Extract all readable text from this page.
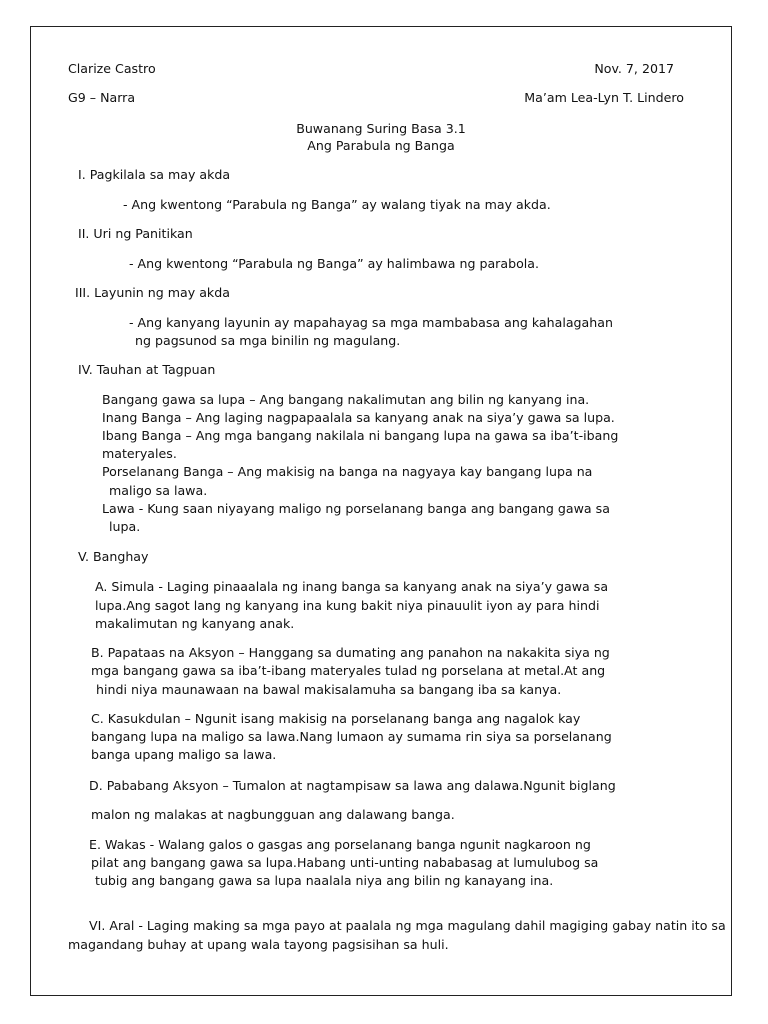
Clarize Castro	Nov. 7, 2017
G9 – Narra	Ma’am Lea-Lyn T. Lindero
Buwanang Suring Basa 3.1
Ang Parabula ng Banga
I. Pagkilala sa may akda
- Ang kwentong “Parabula ng Banga” ay walang tiyak na may akda.
II. Uri ng Panitikan
- Ang kwentong “Parabula ng Banga” ay halimbawa ng parabola.
III. Layunin ng may akda
- Ang kanyang layunin ay mapahayag sa mga mambabasa ang kahalagahan
ng pagsunod sa mga binilin ng magulang.
IV. Tauhan at Tagpuan
Bangang gawa sa lupa – Ang bangang nakalimutan ang bilin ng kanyang ina.
Inang Banga – Ang laging nagpapaalala sa kanyang anak na siya’y gawa sa lupa.
Ibang Banga – Ang mga bangang nakilala ni bangang lupa na gawa sa iba’t-ibang
materyales.
Porselanang Banga – Ang makisig na banga na nagyaya kay bangang lupa na
maligo sa lawa.
Lawa - Kung saan niyayang maligo ng porselanang banga ang bangang gawa sa
lupa.
V. Banghay
A. Simula - Laging pinaaalala ng inang banga sa kanyang anak na siya’y gawa sa
lupa.Ang sagot lang ng kanyang ina kung bakit niya pinauulit iyon ay para hindi
makalimutan ng kanyang anak.
B. Papataas na Aksyon – Hanggang sa dumating ang panahon na nakakita siya ng
mga bangang gawa sa iba’t-ibang materyales tulad ng porselana at metal.At ang
hindi niya maunawaan na bawal makisalamuha sa bangang iba sa kanya.
C. Kasukdulan – Ngunit isang makisig na porselanang banga ang nagalok kay
bangang lupa na maligo sa lawa.Nang lumaon ay sumama rin siya sa porselanang
banga upang maligo sa lawa.
D. Pababang Aksyon – Tumalon at nagtampisaw sa lawa ang dalawa.Ngunit biglang
malon ng malakas at nagbungguan ang dalawang banga.
E. Wakas - Walang galos o gasgas ang porselanang banga ngunit nagkaroon ng
pilat ang bangang gawa sa lupa.Habang unti-unting nababasag at lumulubog sa
tubig ang bangang gawa sa lupa naalala niya ang bilin ng kanayang ina.
VI. Aral - Laging making sa mga payo at paalala ng mga magulang dahil magiging gabay natin ito sa
magandang buhay at upang wala tayong pagsisihan sa huli.
